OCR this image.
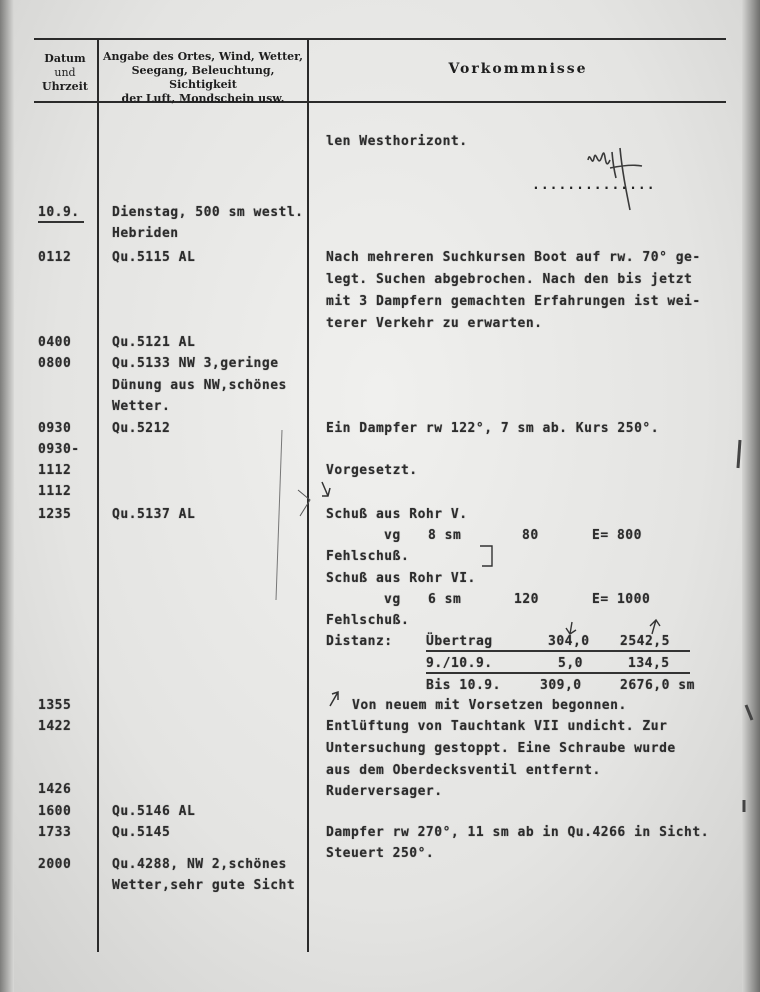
Datum
und
Uhrzeit
Angabe des Ortes, Wind, Wetter,
Seegang, Beleuchtung, Sichtigkeit
der Luft, Mondschein usw.
Vorkommnisse
len Westhorizont.
..............
10.9. Dienstag, 500 sm westl.
Hebriden
0112	Qu.5115 AL	Nach mehreren Suchkursen Boot auf rw. 70° ge-
legt. Suchen abgebrochen. Nach den bis jetzt
mit 3 Dampfern gemachten Erfahrungen ist wei-
terer Verkehr zu erwarten.
0400	Qu.5121 AL
0800	Qu.5133 NW 3,geringe
Dünung aus NW,schönes
Wetter.
0930	Qu.5212	Ein Dampfer rw 122°, 7 sm ab. Kurs 250°.
0930-
1112	Vorgesetzt.
1112
1235	Qu.5137 AL	Schuß aus Rohr V.
vg 8 sm	80	E= 800
Fehlschuß.
Schuß aus Rohr VI.
vg 6 sm	120	E= 1000
Fehlschuß.
Distanz:	Übertrag	304,0 2542,5
9./10.9.	5,0	134,5
Bis 10.9.	309,0	2676,0 sm
1355	Von neuem mit Vorsetzen begonnen.
1422	Entlüftung von Tauchtank VII undicht. Zur
Untersuchung gestoppt. Eine Schraube wurde
aus dem Oberdecksventil entfernt.
1426	Ruderversager.
1600	Qu.5146 AL
1733	Qu.5145	Dampfer rw 270°, 11 sm ab in Qu.4266 in Sicht.
Steuert 250°.
2000	Qu.4288, NW 2,schönes
Wetter,sehr gute Sicht
